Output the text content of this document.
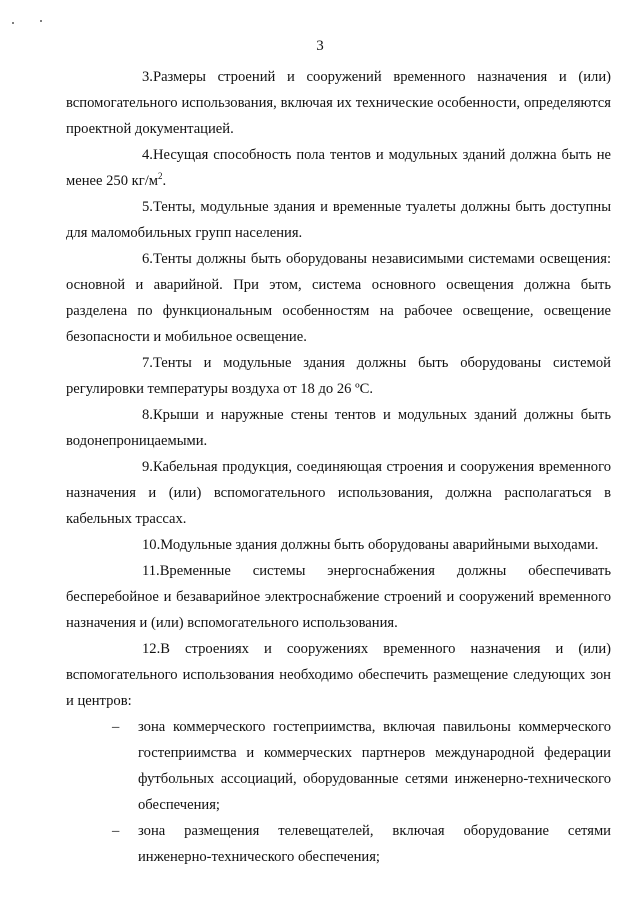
3

3.Размеры строений и сооружений временного назначения и (или) вспомогательного использования, включая их технические особенности, определяются проектной документацией.

4.Несущая способность пола тентов и модульных зданий должна быть не менее 250 $кг/м^2$.

5.Тенты, модульные здания и временные туалеты должны быть доступны для маломобильных групп населения.

6.Тенты должны быть оборудованы независимыми системами освещения: основной и аварийной. При этом, система основного освещения должна быть разделена по функциональным особенностям на рабочее освещение, освещение безопасности и мобильное освещение.

7.Тенты и модульные здания должны быть оборудованы системой регулировки температуры воздуха от 18 до 26 ºС.

8.Крыши и наружные стены тентов и модульных зданий должны быть водонепроницаемыми.

9.Кабельная продукция, соединяющая строения и сооружения временного назначения и (или) вспомогательного использования, должна располагаться в кабельных трассах.

10.Модульные здания должны быть оборудованы аварийными выходами.

11.Временные системы энергоснабжения должны обеспечивать бесперебойное и безаварийное электроснабжение строений и сооружений временного назначения и (или) вспомогательного использования.

12.В строениях и сооружениях временного назначения и (или) вспомогательного использования необходимо обеспечить размещение следующих зон и центров:

– зона коммерческого гостеприимства, включая павильоны коммерческого гостеприимства и коммерческих партнеров международной федерации футбольных ассоциаций, оборудованные сетями инженерно-технического обеспечения;
– зона размещения телевещателей, включая оборудование сетями инженерно-технического обеспечения;
